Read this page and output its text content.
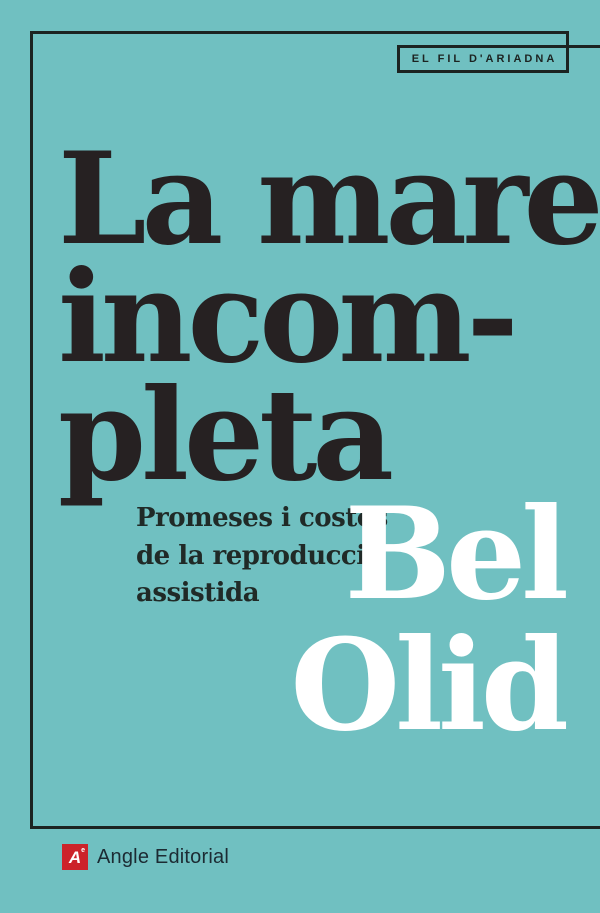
EL FIL D'ARIADNA
La mare
incom-
pleta
Promeses i costos
de la reproducció
assistida Bel
Olid
A e Angle Editorial
